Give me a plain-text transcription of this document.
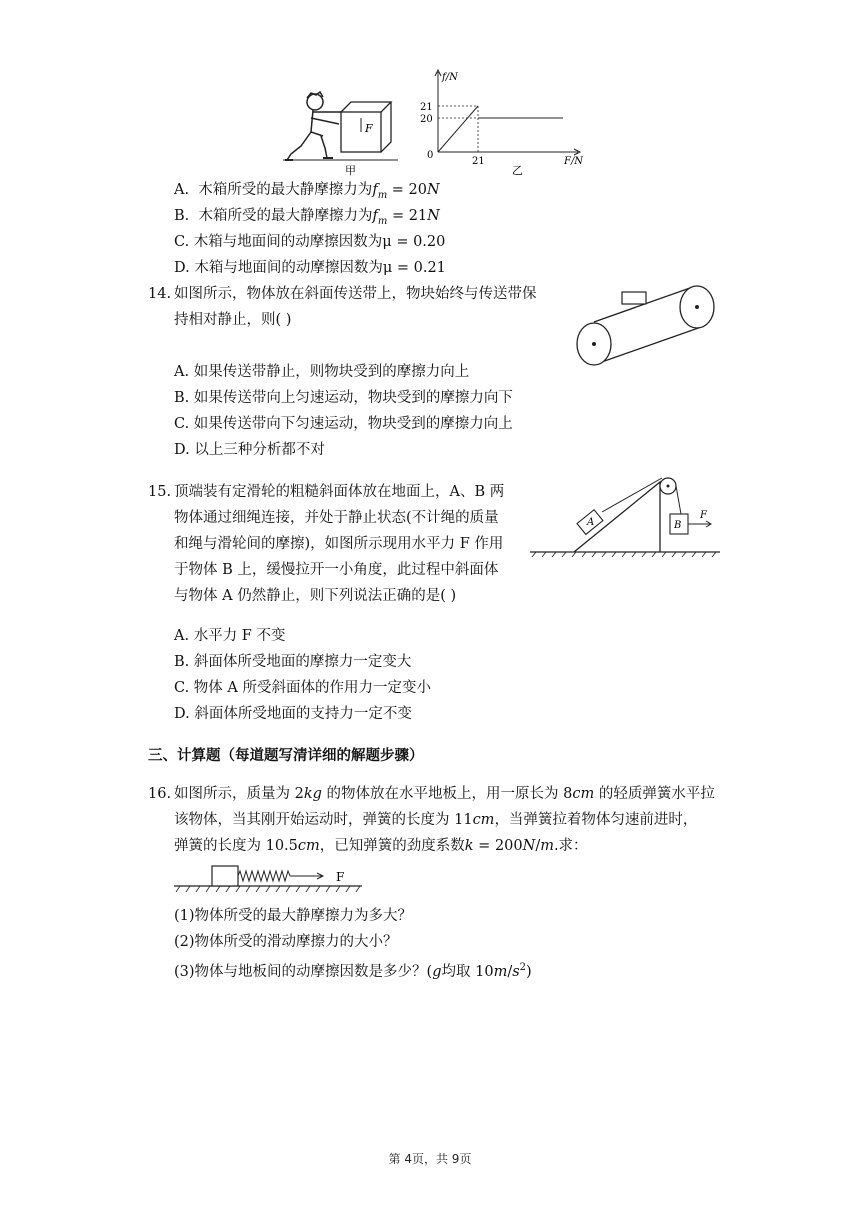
F
甲
f/N
F/N
0
21
20
21
乙
A.  木箱所受的最大静摩擦力为$f_m = 20N$
B.  木箱所受的最大静摩擦力为$f_m = 21N$
C. 木箱与地面间的动摩擦因数为μ = 0.20
D. 木箱与地面间的动摩擦因数为μ = 0.21
14. 如图所示，物体放在斜面传送带上，物块始终与传送带保
持相对静止，则( )
A. 如果传送带静止，则物块受到的摩擦力向上
B. 如果传送带向上匀速运动，物块受到的摩擦力向下
C. 如果传送带向下匀速运动，物块受到的摩擦力向上
D. 以上三种分析都不对
15. 顶端装有定滑轮的粗糙斜面体放在地面上，A、B 两
物体通过细绳连接，并处于静止状态(不计绳的质量
和绳与滑轮间的摩擦)，如图所示现用水平力 F 作用
于物体 B 上，缓慢拉开一小角度，此过程中斜面体
与物体 A 仍然静止，则下列说法正确的是( )
A	B
F
A. 水平力 F 不变
B. 斜面体所受地面的摩擦力一定变大
C. 物体 A 所受斜面体的作用力一定变小
D. 斜面体所受地面的支持力一定不变
三、计算题（每道题写清详细的解题步骤）
16. 如图所示，质量为 2kg 的物体放在水平地板上，用一原长为 8cm 的轻质弹簧水平拉
该物体，当其刚开始运动时，弹簧的长度为 11cm，当弹簧拉着物体匀速前进时，
弹簧的长度为 10.5cm，已知弹簧的劲度系数k = 200N/m.求：
F
(1)物体所受的最大静摩擦力为多大？
(2)物体所受的滑动摩擦力的大小？
(3)物体与地板间的动摩擦因数是多少？(g均取 $10m/s^2$)
第 4页，共 9页
